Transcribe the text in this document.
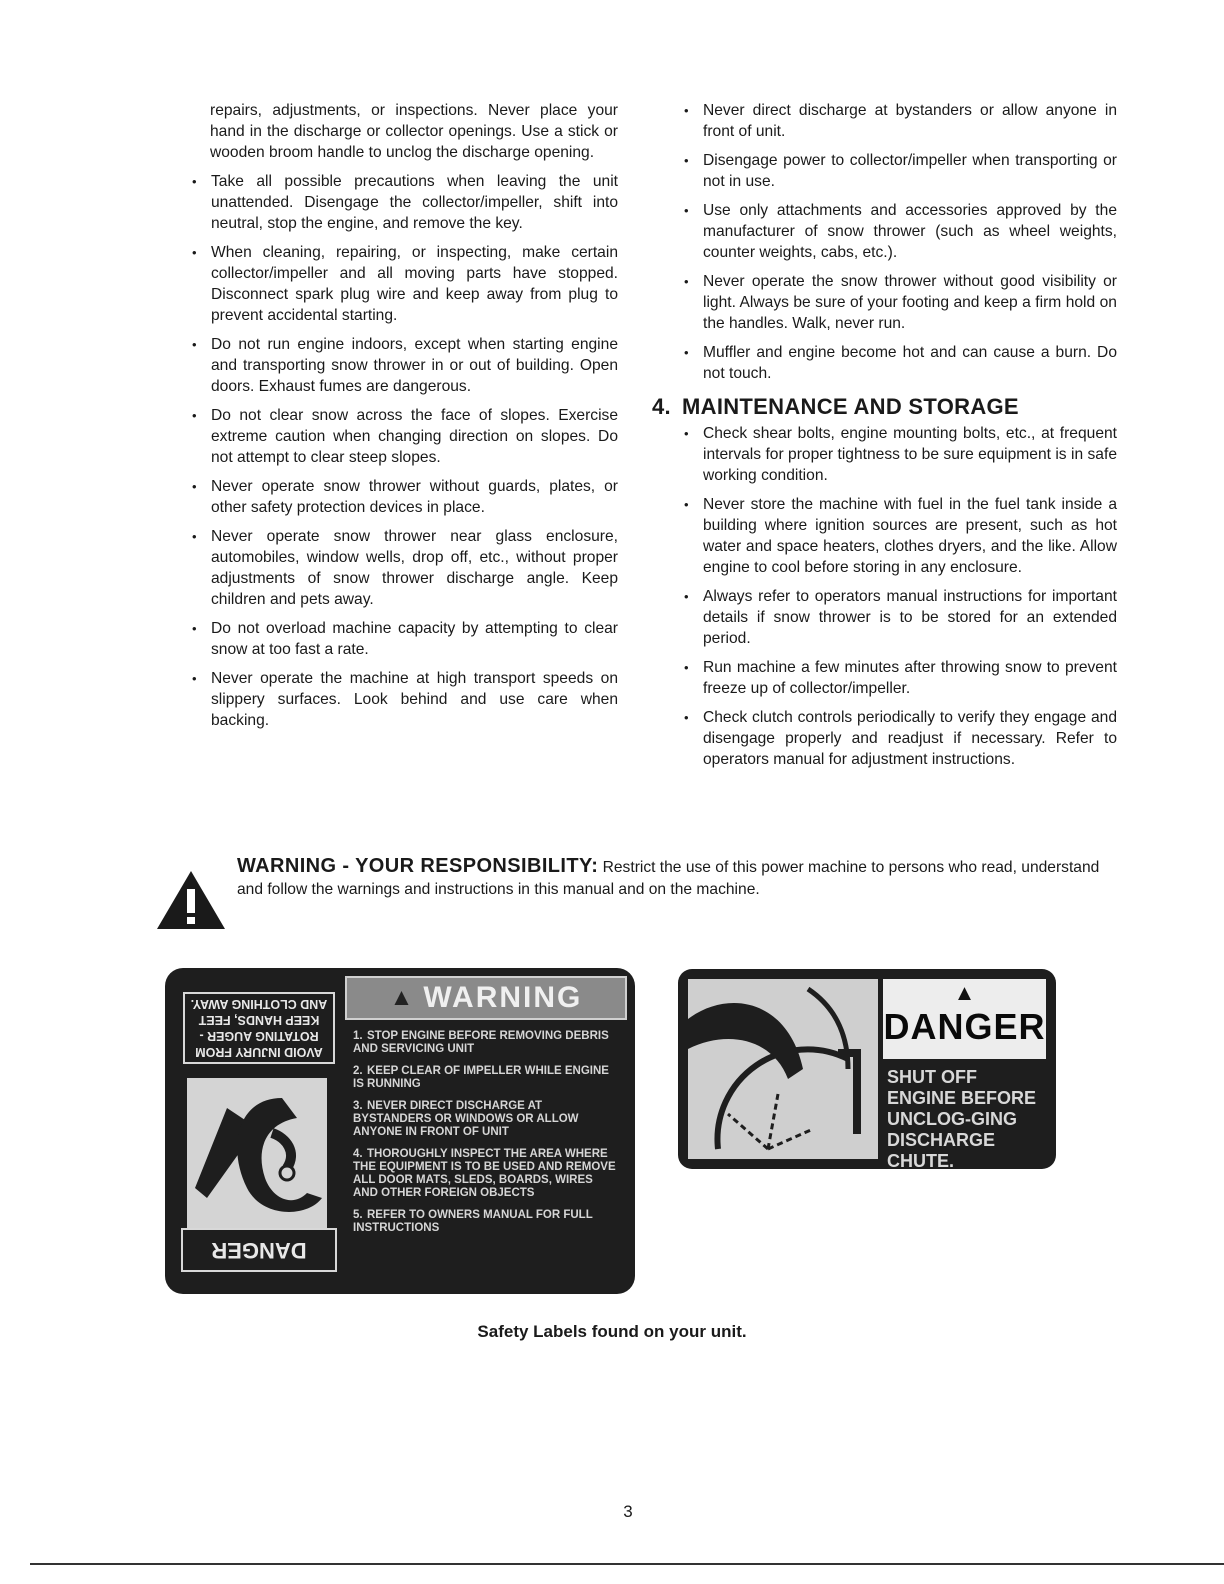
repairs, adjustments, or inspections. Never place your hand in the discharge or collector openings. Use a stick or wooden broom handle to unclog the discharge opening.

• Take all possible precautions when leaving the unit unattended. Disengage the collector/impeller, shift into neutral, stop the engine, and remove the key.
• When cleaning, repairing, or inspecting, make certain collector/impeller and all moving parts have stopped. Disconnect spark plug wire and keep away from plug to prevent accidental starting.
• Do not run engine indoors, except when starting engine and transporting snow thrower in or out of building. Open doors. Exhaust fumes are dangerous.
• Do not clear snow across the face of slopes. Exercise extreme caution when changing direction on slopes. Do not attempt to clear steep slopes.
• Never operate snow thrower without guards, plates, or other safety protection devices in place.
• Never operate snow thrower near glass enclosure, automobiles, window wells, drop off, etc., without proper adjustments of snow thrower discharge angle. Keep children and pets away.
• Do not overload machine capacity by attempting to clear snow at too fast a rate.
• Never operate the machine at high transport speeds on slippery surfaces. Look behind and use care when backing.
• Never direct discharge at bystanders or allow anyone in front of unit.
• Disengage power to collector/impeller when transporting or not in use.
• Use only attachments and accessories approved by the manufacturer of snow thrower (such as wheel weights, counter weights, cabs, etc.).
• Never operate the snow thrower without good visibility or light. Always be sure of your footing and keep a firm hold on the handles. Walk, never run.
• Muffler and engine become hot and can cause a burn. Do not touch.
4. MAINTENANCE AND STORAGE
• Check shear bolts, engine mounting bolts, etc., at frequent intervals for proper tightness to be sure equipment is in safe working condition.
• Never store the machine with fuel in the fuel tank inside a building where ignition sources are present, such as hot water and space heaters, clothes dryers, and the like. Allow engine to cool before storing in any enclosure.
• Always refer to operators manual instructions for important details if snow thrower is to be stored for an extended period.
• Run machine a few minutes after throwing snow to prevent freeze up of collector/impeller.
• Check clutch controls periodically to verify they engage and disengage properly and readjust if necessary. Refer to operators manual for adjustment instructions.
WARNING - YOUR RESPONSIBILITY: Restrict the use of this power machine to persons who read, understand and follow the warnings and instructions in this manual and on the machine.
AVOID INJURY FROM ROTATING AUGER - KEEP HANDS, FEET AND CLOTHING AWAY.
DANGER
▲ WARNING
1. STOP ENGINE BEFORE REMOVING DEBRIS AND SERVICING UNIT
2. KEEP CLEAR OF IMPELLER WHILE ENGINE IS RUNNING
3. NEVER DIRECT DISCHARGE AT BYSTANDERS OR WINDOWS OR ALLOW ANYONE IN FRONT OF UNIT
4. THOROUGHLY INSPECT THE AREA WHERE THE EQUIPMENT IS TO BE USED AND REMOVE ALL DOOR MATS, SLEDS, BOARDS, WIRES AND OTHER FOREIGN OBJECTS
5. REFER TO OWNERS MANUAL FOR FULL INSTRUCTIONS
▲
DANGER
SHUT OFF ENGINE BEFORE UNCLOG-GING DISCHARGE CHUTE.
Safety Labels found on your unit.
3
